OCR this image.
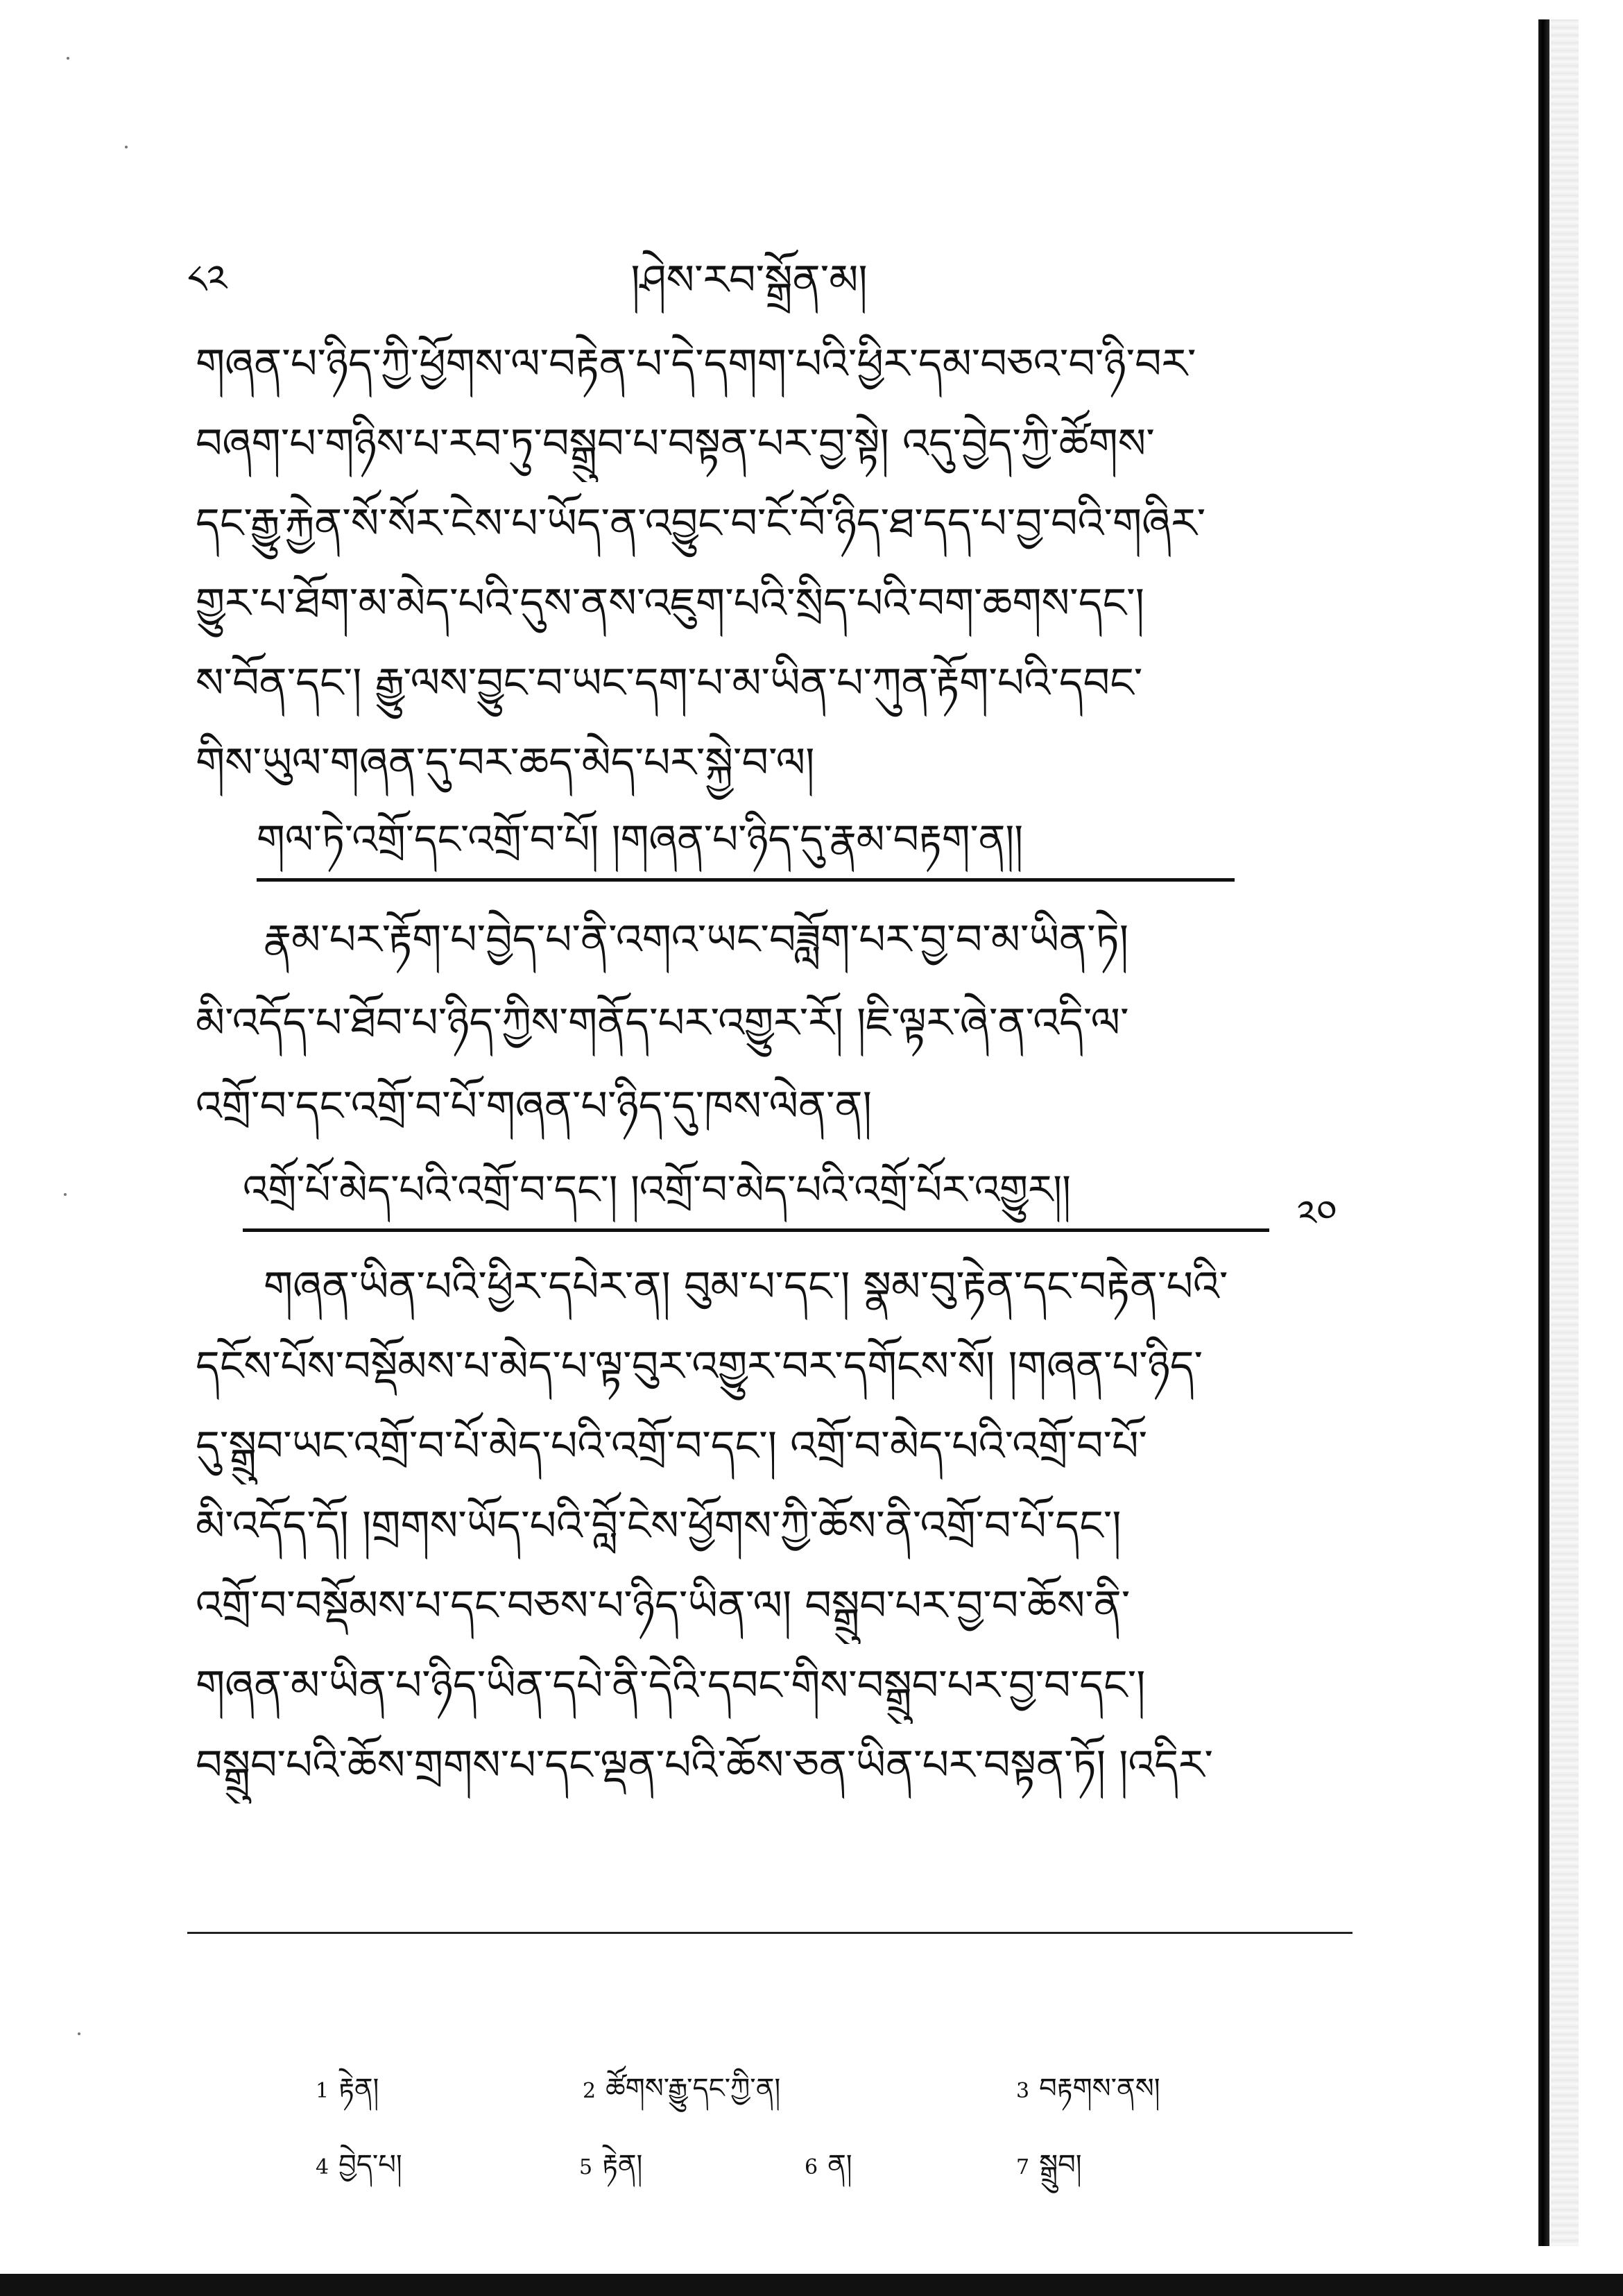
༨༢	།ཤེས་རབ་སྒྲོན་མ།
གཞན་པ་ཉིད་ཀྱི་ཕྱོགས་ལ་བརྟེན་པ་དེ་དགག་པའི་ཕྱིར་དམ་བཅའ་བ་ཉི་བར་
བཞག་པ་གཉིས་པ་རབ་ཏུ་བསྒྲུབ་པ་བསྟན་པར་བྱ་སྟེ། འདུ་བྱེད་ཀྱི་ཚོགས་
དང་རྒྱུ་རྐྱེན་སོ་སོར་ངེས་པ་ཡོད་ན་འབྱུང་བ་ངོ་བོ་ཉིད་ཐ་དད་པ་བྱ་བའི་གཞིར་
གྱུར་པ་ཐོག་མ་མེད་པའི་དུས་ནས་འཇུག་པའི་སྲིད་པའི་བག་ཆགས་དང་།
ས་བོན་དང་། རྒྱུ་ལས་བྱུང་བ་ཡང་དག་པ་མ་ཡིན་པ་ཀུན་རྟོག་པའི་དབང་
གིས་ཡུལ་གཞན་དུ་བར་ཆད་མེད་པར་སྐྱེ་བ་ལ།
གལ་ཏེ་འགྲོ་དང་འགྲོ་བ་པོ། །གཞན་པ་ཉིད་དུ་རྣམ་བརྟག་ན།།
རྣམ་པར་རྟོག་པ་བྱེད་པ་ནི་འགའ་ཡང་བཟློག་པར་བྱ་བ་མ་ཡིན་ཏེ།
མི་འདོད་པ་ཐོབ་པ་ཉིད་ཀྱིས་གནོད་པར་འགྱུར་རོ། །ཇི་ལྟར་ཞེ་ན་འདི་ལ་
འགྲོ་བ་དང་འགྲོ་བ་པོ་གཞན་པ་ཉིད་དུ་ཁས་ལེན་ན།
འགྲོ་པོ་མེད་པའི་འགྲོ་བ་དང་། །འགྲོ་བ་མེད་པའི་འགྲོ་པོར་འགྱུར།།
༢༠
གཞན་ཡིན་པའི་ཕྱིར་དཔེར་ན། བུམ་པ་དང་། སྣམ་བུ་རྟེན་དང་བརྟེན་པའི་
དངོས་པོས་བསྡོམས་པ་མེད་པ་ལྟ་བུར་འགྱུར་བར་དགོངས་སོ། །གཞན་པ་ཉིད་
དུ་སྒྲུབ་ཡང་འགྲོ་བ་པོ་མེད་པའི་འགྲོ་བ་དང་། འགྲོ་བ་མེད་པའི་འགྲོ་བ་པོ་
མི་འདོད་དོ། །གྲགས་ཡོད་པའི་བློ་ངེས་ཕྱོགས་ཀྱི་ཆོས་ནི་འགྲོ་བ་པོ་དང་།
འགྲོ་བ་བསྡོམས་པ་དང་བཅས་པ་ཉིད་ཡིན་ལ། བསྒྲུབ་པར་བྱ་བ་ཆོས་ནི་
གཞན་མ་ཡིན་པ་ཉིད་ཡིན་དཔེ་ནི་དེའི་དབང་གིས་བསྒྲུབ་པར་བྱ་བ་དང་།
བསྒྲུབ་པའི་ཆོས་གྲགས་པ་དང་ལྡན་པའི་ཆོས་ཅན་ཡིན་པར་བསྟན་ཏོ། །འདིར་
1 རྟེན།	2 ཚོགས་རྒྱུ་དང་ཀྱི་ན།	3 བརྟགས་ནས།
4 བྱེད་པ།	5 རྟེན།	6 ན།	7 སྒྲུབ།
